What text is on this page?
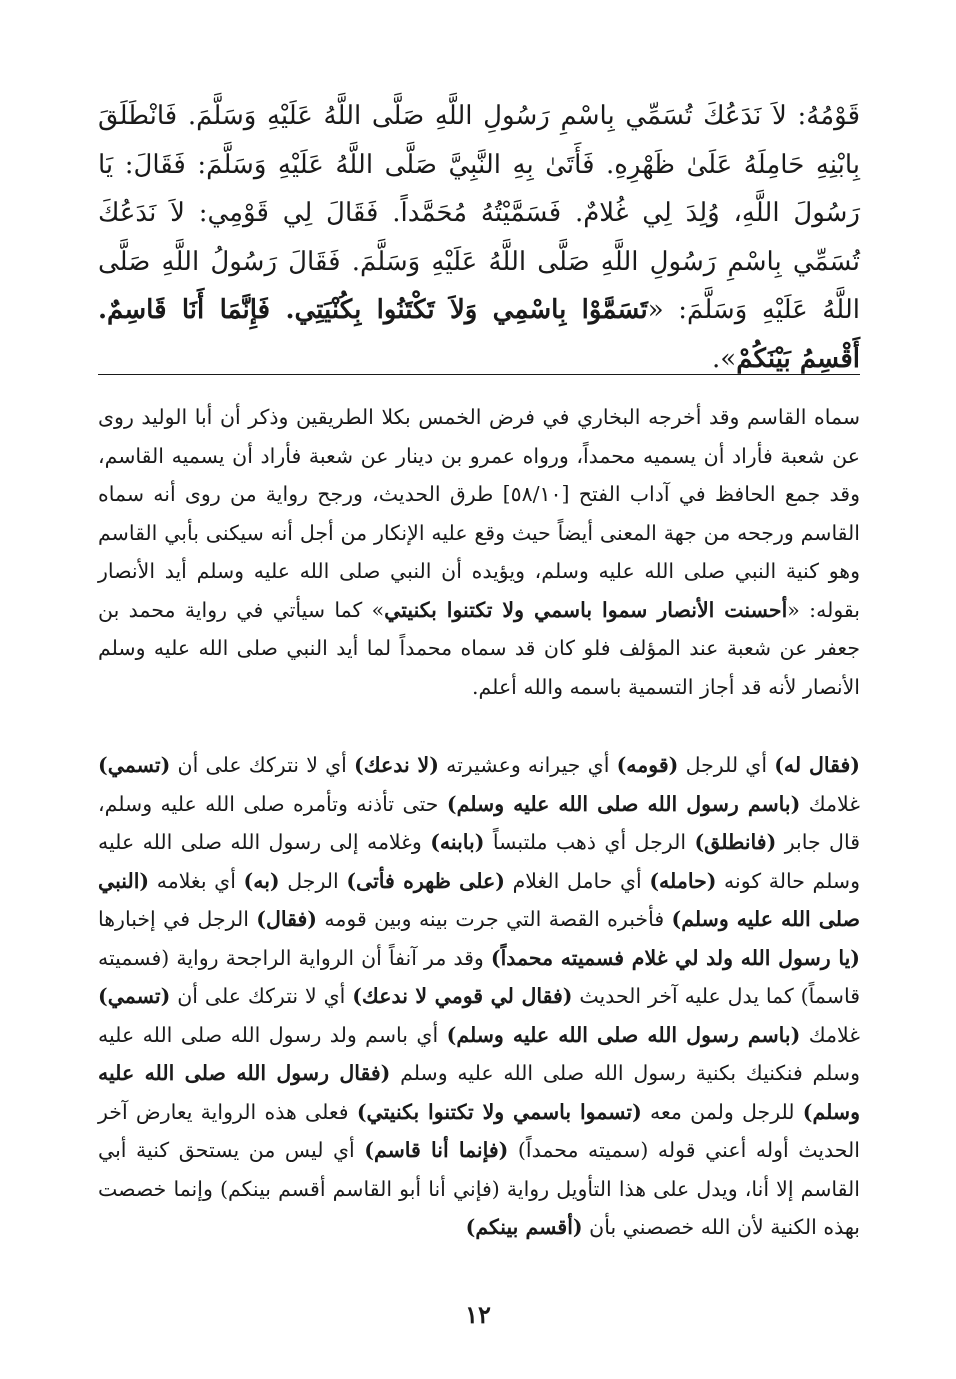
قَوْمُهُ: لاَ نَدَعُكَ تُسَمِّي بِاسْمِ رَسُولِ اللَّهِ صَلَّى اللَّهُ عَلَيْهِ وَسَلَّمَ. فَانْطَلَقَ بِابْنِهِ حَامِلَهُ عَلَىٰ ظَهْرِهِ. فَأَتَىٰ بِهِ النَّبِيَّ صَلَّى اللَّهُ عَلَيْهِ وَسَلَّمَ: فَقَالَ: يَا رَسُولَ اللَّهِ، وُلِدَ لِي غُلامٌ. فَسَمَّيْتُهُ مُحَمَّداً. فَقَالَ لِي قَوْمِي: لاَ نَدَعُكَ تُسَمِّي بِاسْمِ رَسُولِ اللَّهِ صَلَّى اللَّهُ عَلَيْهِ وَسَلَّمَ. فَقَالَ رَسُولُ اللَّهِ صَلَّى اللَّهُ عَلَيْهِ وَسَلَّمَ: «تَسَمَّوْا بِاسْمِي وَلاَ تَكْتَنُوا بِكُنْيَتِي. فَإِنَّمَا أَنَا قَاسِمٌ. أَقْسِمُ بَيْنَكُمْ».
سماه القاسم وقد أخرجه البخاري في فرض الخمس بكلا الطريقين وذكر أن أبا الوليد روى عن شعبة فأراد أن يسميه محمداً، ورواه عمرو بن دينار عن شعبة فأراد أن يسميه القاسم، وقد جمع الحافظ في آداب الفتح [٥٨/١٠] طرق الحديث، ورجح رواية من روى أنه سماه القاسم ورجحه من جهة المعنى أيضاً حيث وقع عليه الإنكار من أجل أنه سيكنى بأبي القاسم وهو كنية النبي صلى الله عليه وسلم، ويؤيده أن النبي صلى الله عليه وسلم أيد الأنصار بقوله: «أحسنت الأنصار سموا باسمي ولا تكتنوا بكنيتي» كما سيأتي في رواية محمد بن جعفر عن شعبة عند المؤلف فلو كان قد سماه محمداً لما أيد النبي صلى الله عليه وسلم الأنصار لأنه قد أجاز التسمية باسمه والله أعلم.
(فقال له) أي للرجل (قومه) أي جيرانه وعشيرته (لا ندعك) أي لا نتركك على أن (تسمي) غلامك (باسم رسول الله صلى الله عليه وسلم) حتى تأذنه وتأمره صلى الله عليه وسلم، قال جابر (فانطلق) الرجل أي ذهب ملتبساً (بابنه) وغلامه إلى رسول الله صلى الله عليه وسلم حالة كونه (حامله) أي حامل الغلام (على ظهره فأتى) الرجل (به) أي بغلامه (النبي صلى الله عليه وسلم) فأخبره القصة التي جرت بينه وبين قومه (فقال) الرجل في إخبارها (يا رسول الله ولد لي غلام فسميته محمداً) وقد مر آنفاً أن الرواية الراجحة رواية (فسميته قاسماً) كما يدل عليه آخر الحديث (فقال لي قومي لا ندعك) أي لا نتركك على أن (تسمي) غلامك (باسم رسول الله صلى الله عليه وسلم) أي باسم ولد رسول الله صلى الله عليه وسلم فنكنيك بكنية رسول الله صلى الله عليه وسلم (فقال رسول الله صلى الله عليه وسلم) للرجل ولمن معه (تسموا باسمي ولا تكتنوا بكنيتي) فعلى هذه الرواية يعارض آخر الحديث أوله أعني قوله (سميته محمداً) (فإنما أنا قاسم) أي ليس من يستحق كنية أبي القاسم إلا أنا، ويدل على هذا التأويل رواية (فإني أنا أبو القاسم أقسم بينكم) وإنما خصصت بهذه الكنية لأن الله خصصني بأن (أقسم بينكم)
١٢
